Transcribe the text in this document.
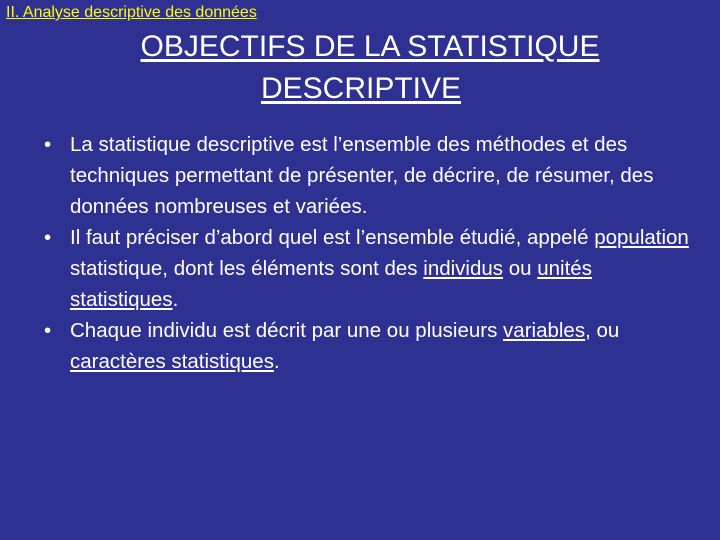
II. Analyse descriptive des données
OBJECTIFS DE LA STATISTIQUE
DESCRIPTIVE
• La statistique descriptive est l’ensemble des méthodes et des techniques permettant de présenter, de décrire, de résumer, des données nombreuses et variées.
• Il faut préciser d’abord quel est l’ensemble étudié, appelé population statistique, dont les éléments sont des individus ou unités statistiques.
• Chaque individu est décrit par une ou plusieurs variables, ou caractères statistiques.
